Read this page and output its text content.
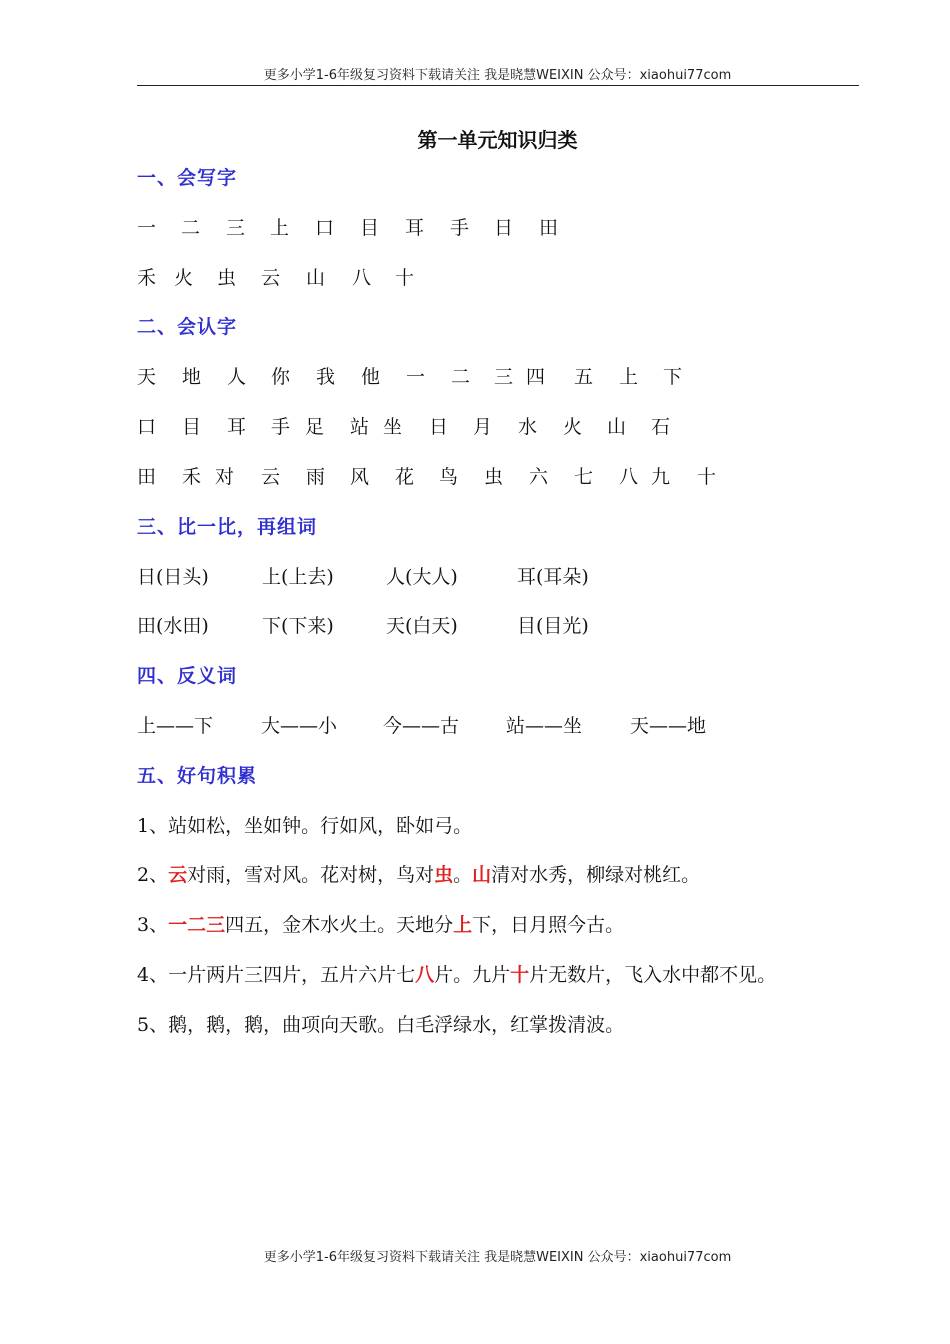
更多小学1-6年级复习资料下载请关注 我是晓慧WEIXIN 公众号：xiaohui77com
第一单元知识归类
一、会写字
一 二 三 上 口 目 耳 手 日 田
禾 火 虫 云 山 八 十
二、会认字
天 地 人 你 我 他 一 二 三 四 五 上 下
口 目 耳 手 足 站 坐 日 月 水 火 山 石
田 禾 对 云 雨 风 花 鸟 虫 六 七 八 九 十
三、比一比，再组词
日(日头)	上(上去)	人(大人)	耳(耳朵)
田(水田)	下(下来)	天(白天)	目(目光)
四、反义词
上——下	大——小 今——古 站——坐	天——地
五、好句积累
1、站如松，坐如钟。行如风，卧如弓。
2、云对雨，雪对风。花对树，鸟对虫。山清对水秀，柳绿对桃红。
3、一二三四五，金木水火土。天地分上下，日月照今古。
4、一片两片三四片，五片六片七八片。九片十片无数片，飞入水中都不见。
5、鹅，鹅，鹅，曲项向天歌。白毛浮绿水，红掌拨清波。
更多小学1-6年级复习资料下载请关注 我是晓慧WEIXIN 公众号：xiaohui77com
